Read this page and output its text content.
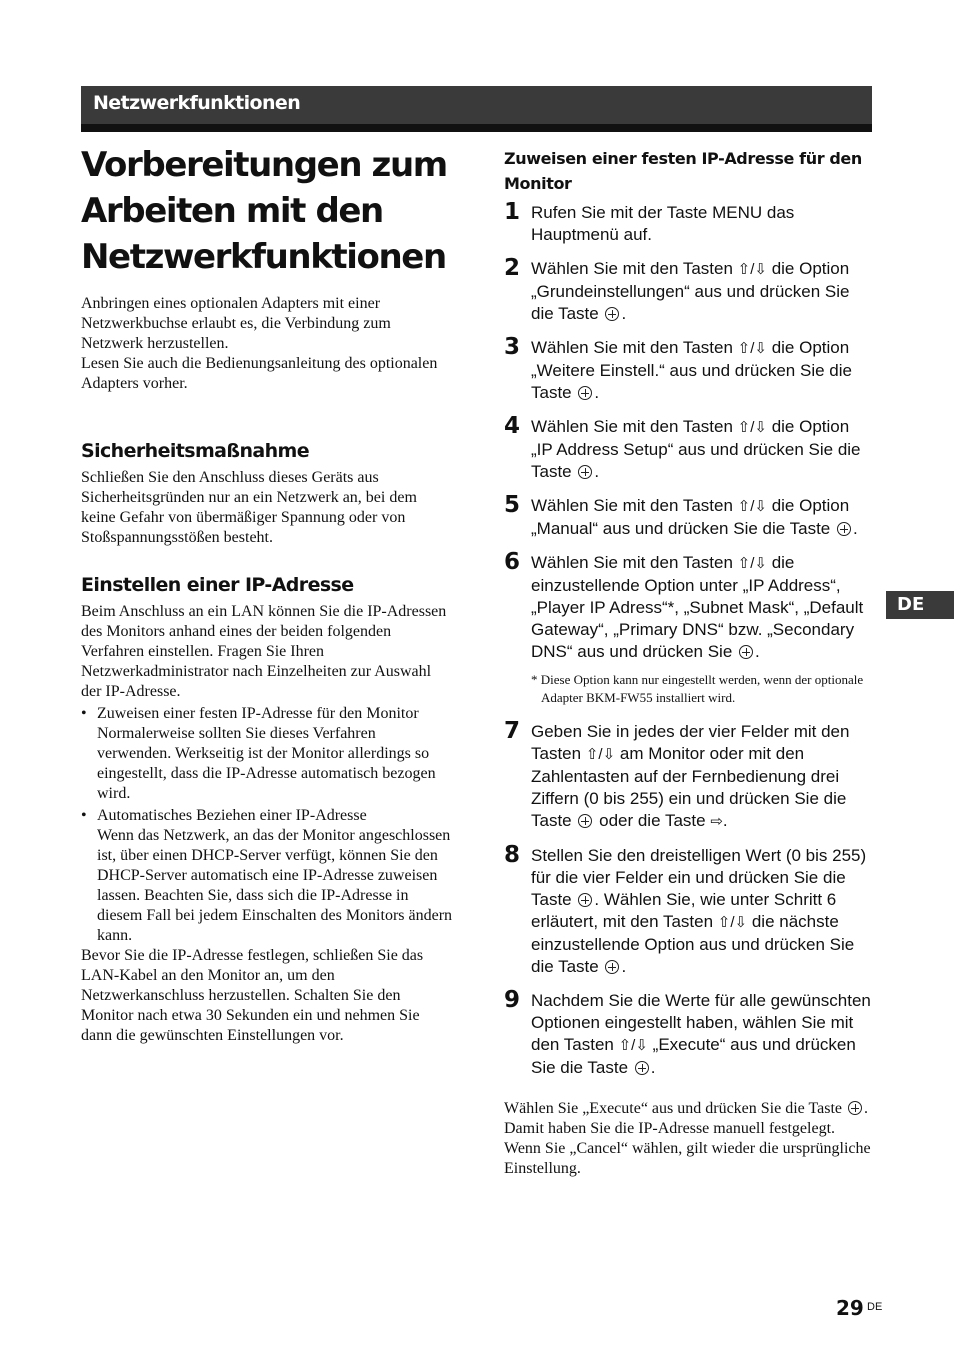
Netzwerkfunktionen
Vorbereitungen zum Arbeiten mit den Netzwerkfunktionen

Anbringen eines optionalen Adapters mit einer Netzwerkbuchse erlaubt es, die Verbindung zum Netzwerk herzustellen.

Lesen Sie auch die Bedienungsanleitung des optionalen Adapters vorher.

Sicherheitsmaßnahme
Schließen Sie den Anschluss dieses Geräts aus Sicherheitsgründen nur an ein Netzwerk an, bei dem keine Gefahr von übermäßiger Spannung oder von Stoßspannungsstößen besteht.
Einstellen einer IP-Adresse

Beim Anschluss an ein LAN können Sie die IP-Adressen des Monitors anhand eines der beiden folgenden Verfahren einstellen. Fragen Sie Ihren Netzwerkadministrator nach Einzelheiten zur Auswahl der IP-Adresse.

• Zuweisen einer festen IP-Adresse für den Monitor
Normalerweise sollten Sie dieses Verfahren verwenden. Werkseitig ist der Monitor allerdings so eingestellt, dass die IP-Adresse automatisch bezogen wird.
• Automatisches Beziehen einer IP-Adresse
Wenn das Netzwerk, an das der Monitor angeschlossen ist, über einen DHCP-Server verfügt, können Sie den DHCP-Server automatisch eine IP-Adresse zuweisen lassen. Beachten Sie, dass sich die IP-Adresse in diesem Fall bei jedem Einschalten des Monitors ändern kann.

Bevor Sie die IP-Adresse festlegen, schließen Sie das LAN-Kabel an den Monitor an, um den Netzwerkanschluss herzustellen. Schalten Sie den Monitor nach etwa 30 Sekunden ein und nehmen Sie dann die gewünschten Einstellungen vor.

Zuweisen einer festen IP-Adresse für den Monitor
1 Rufen Sie mit der Taste MENU das Hauptmenü auf.
2 Wählen Sie mit den Tasten ⇧/⇩ die Option „Grundeinstellungen“ aus und drücken Sie die Taste .
3 Wählen Sie mit den Tasten ⇧/⇩ die Option „Weitere Einstell.“ aus und drücken Sie die Taste .
4 Wählen Sie mit den Tasten ⇧/⇩ die Option „IP Address Setup“ aus und drücken Sie die Taste .
5 Wählen Sie mit den Tasten ⇧/⇩ die Option „Manual“ aus und drücken Sie die Taste .
6 Wählen Sie mit den Tasten ⇧/⇩ die einzustellende Option unter „IP Address“, „Player IP Adress“*, „Subnet Mask“, „Default Gateway“, „Primary DNS“ bzw. „Secondary DNS“ aus und drücken Sie .
* Diese Option kann nur eingestellt werden, wenn der optionale Adapter BKM-FW55 installiert wird.
7 Geben Sie in jedes der vier Felder mit den Tasten ⇧/⇩ am Monitor oder mit den Zahlentasten auf der Fernbedienung drei Ziffern (0 bis 255) ein und drücken Sie die Taste oder die Taste ⇨.
8 Stellen Sie den dreistelligen Wert (0 bis 255) für die vier Felder ein und drücken Sie die Taste . Wählen Sie, wie unter Schritt 6 erläutert, mit den Tasten ⇧/⇩ die nächste einzustellende Option aus und drücken Sie die Taste .
9 Nachdem Sie die Werte für alle gewünschten Optionen eingestellt haben, wählen Sie mit den Tasten ⇧/⇩ „Execute“ aus und drücken Sie die Taste .

Wählen Sie „Execute“ aus und drücken Sie die Taste . Damit haben Sie die IP-Adresse manuell festgelegt.

Wenn Sie „Cancel“ wählen, gilt wieder die ursprüngliche Einstellung.

DE
29 DE
